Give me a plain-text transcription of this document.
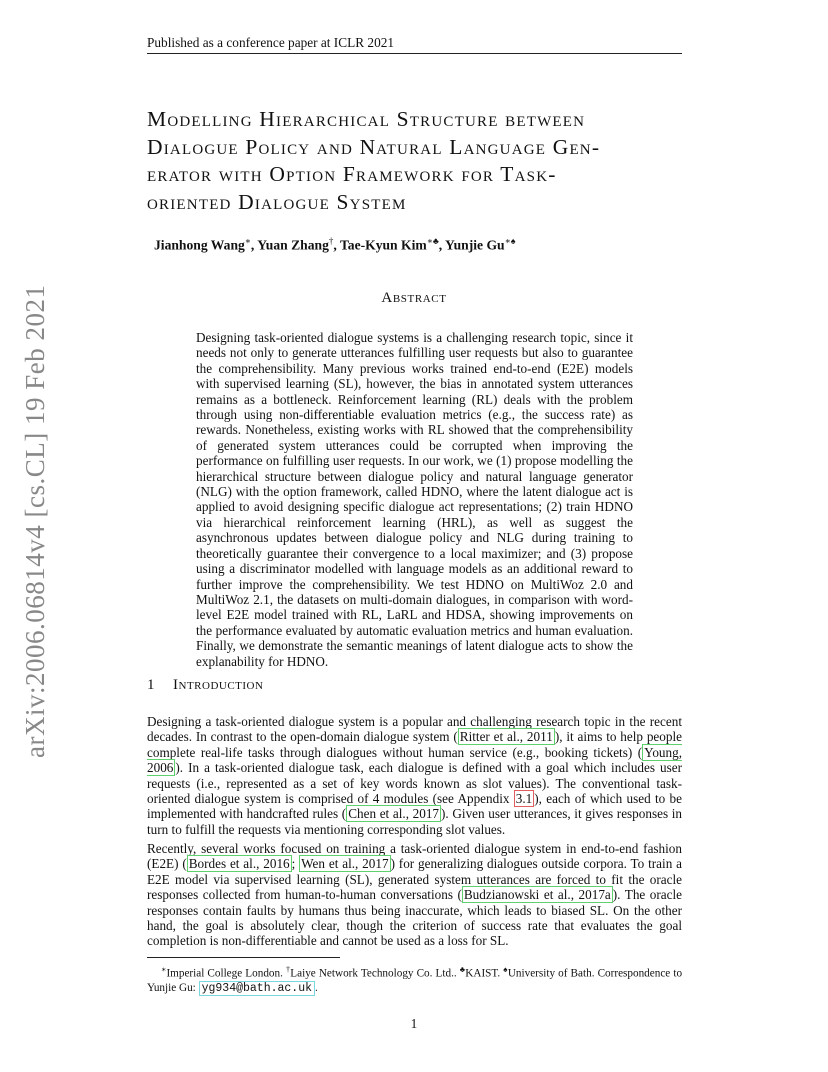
Published as a conference paper at ICLR 2021
arXiv:2006.06814v4 [cs.CL] 19 Feb 2021
Modelling Hierarchical Structure between
Dialogue Policy and Natural Language Gen-
erator with Option Framework for Task-
oriented Dialogue System
Jianhong Wang∗, Yuan Zhang†, Tae-Kyun Kim∗♣, Yunjie Gu∗♠
Abstract

Designing task-oriented dialogue systems is a challenging research topic, since it needs not only to generate utterances fulfilling user requests but also to guarantee the comprehensibility. Many previous works trained end-to-end (E2E) models with supervised learning (SL), however, the bias in annotated system utterances remains as a bottleneck. Reinforcement learning (RL) deals with the problem through using non-differentiable evaluation metrics (e.g., the success rate) as rewards. Nonetheless, existing works with RL showed that the comprehensibility of generated system utterances could be corrupted when improving the performance on fulfilling user requests. In our work, we (1) propose modelling the hierarchical structure between dialogue policy and natural language generator (NLG) with the option framework, called HDNO, where the latent dialogue act is applied to avoid designing specific dialogue act representations; (2) train HDNO via hierarchical reinforcement learning (HRL), as well as suggest the asynchronous updates between dialogue policy and NLG during training to theoretically guarantee their convergence to a local maximizer; and (3) propose using a discriminator modelled with language models as an additional reward to further improve the comprehensibility. We test HDNO on MultiWoz 2.0 and MultiWoz 2.1, the datasets on multi-domain dialogues, in comparison with word-level E2E model trained with RL, LaRL and HDSA, showing improvements on the performance evaluated by automatic evaluation metrics and human evaluation. Finally, we demonstrate the semantic meanings of latent dialogue acts to show the explanability for HDNO.

1 Introduction

Designing a task-oriented dialogue system is a popular and challenging research topic in the recent decades. In contrast to the open-domain dialogue system ( Ritter et al., 2011 ), it aims to help people complete real-life tasks through dialogues without human service (e.g., booking tickets) ( Young, 2006 ). In a task-oriented dialogue task, each dialogue is defined with a goal which includes user requests (i.e., represented as a set of key words known as slot values). The conventional task-oriented dialogue system is comprised of 4 modules (see Appendix 3.1 ), each of which used to be implemented with handcrafted rules ( Chen et al., 2017 ). Given user utterances, it gives responses in turn to fulfill the requests via mentioning corresponding slot values.

Recently, several works focused on training a task-oriented dialogue system in end-to-end fashion (E2E) ( Bordes et al., 2016 ; Wen et al., 2017 ) for generalizing dialogues outside corpora. To train a E2E model via supervised learning (SL), generated system utterances are forced to fit the oracle responses collected from human-to-human conversations ( Budzianowski et al., 2017a ). The oracle responses contain faults by humans thus being inaccurate, which leads to biased SL. On the other hand, the goal is absolutely clear, though the criterion of success rate that evaluates the goal completion is non-differentiable and cannot be used as a loss for SL.

∗Imperial College London. †Laiye Network Technology Co. Ltd.. ♣KAIST. ♠University of Bath. Correspondence to Yunjie Gu: yg934@bath.ac.uk .

1
